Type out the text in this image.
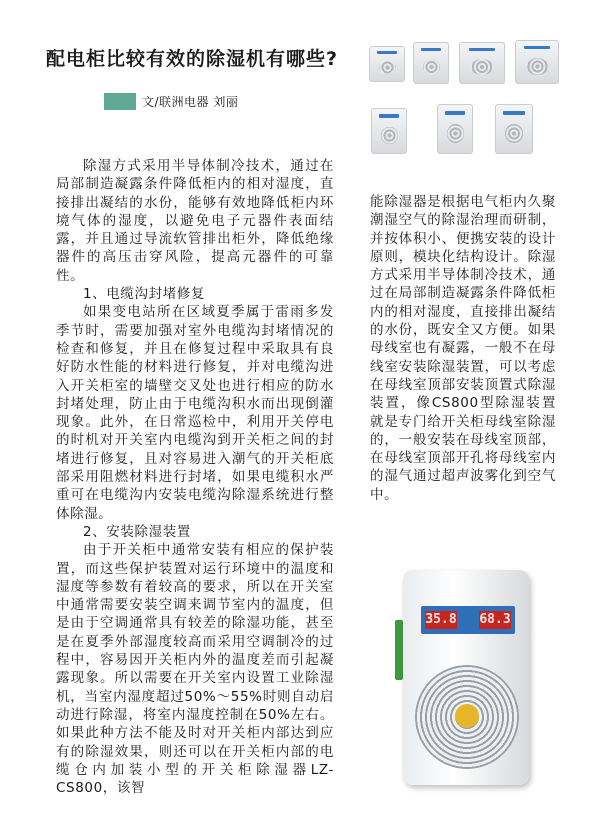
配电柜比较有效的除湿机有哪些?
文/联洲电器 刘丽

除湿方式采用半导体制冷技术，通过在局部制造凝露条件降低柜内的相对湿度，直接排出凝结的水份，能够有效地降低柜内环境气体的湿度，以避免电子元器件表面结露，并且通过导流软管排出柜外，降低绝缘器件的高压击穿风险，提高元器件的可靠性。

1、电缆沟封堵修复

如果变电站所在区域夏季属于雷雨多发季节时，需要加强对室外电缆沟封堵情况的检查和修复，并且在修复过程中采取具有良好防水性能的材料进行修复，并对电缆沟进入开关柜室的墙壁交叉处也进行相应的防水封堵处理，防止由于电缆沟积水而出现倒灌现象。此外，在日常巡检中，利用开关停电的时机对开关室内电缆沟到开关柜之间的封堵进行修复，且对容易进入潮气的开关柜底部采用阻燃材料进行封堵，如果电缆积水严重可在电缆沟内安装电缆沟除湿系统进行整体除湿。

2、安装除湿装置

由于开关柜中通常安装有相应的保护装置，而这些保护装置对运行环境中的温度和湿度等参数有着较高的要求，所以在开关室中通常需要安装空调来调节室内的温度，但是由于空调通常具有较差的除湿功能，甚至是在夏季外部湿度较高而采用空调制冷的过程中，容易因开关柜内外的温度差而引起凝露现象。所以需要在开关室内设置工业除湿机，当室内湿度超过50%～55%时则自动启动进行除湿，将室内湿度控制在50%左右。如果此种方法不能及时对开关柜内部达到应有的除湿效果，则还可以在开关柜内部的电缆仓内加装小型的开关柜除湿器LZ-CS800，该智

能除湿器是根据电气柜内久聚潮湿空气的除湿治理而研制，并按体积小、便携安装的设计原则，模块化结构设计。除湿方式采用半导体制冷技术，通过在局部制造凝露条件降低柜内的相对湿度，直接排出凝结的水份，既安全又方便。如果母线室也有凝露，一般不在母线室安装除湿装置，可以考虑在母线室顶部安装顶置式除湿装置，像CS800型除湿装置就是专门给开关柜母线室除湿的，一般安装在母线室顶部，在母线室顶部开孔将母线室内的湿气通过超声波雾化到空气中。

35.8 68.3
